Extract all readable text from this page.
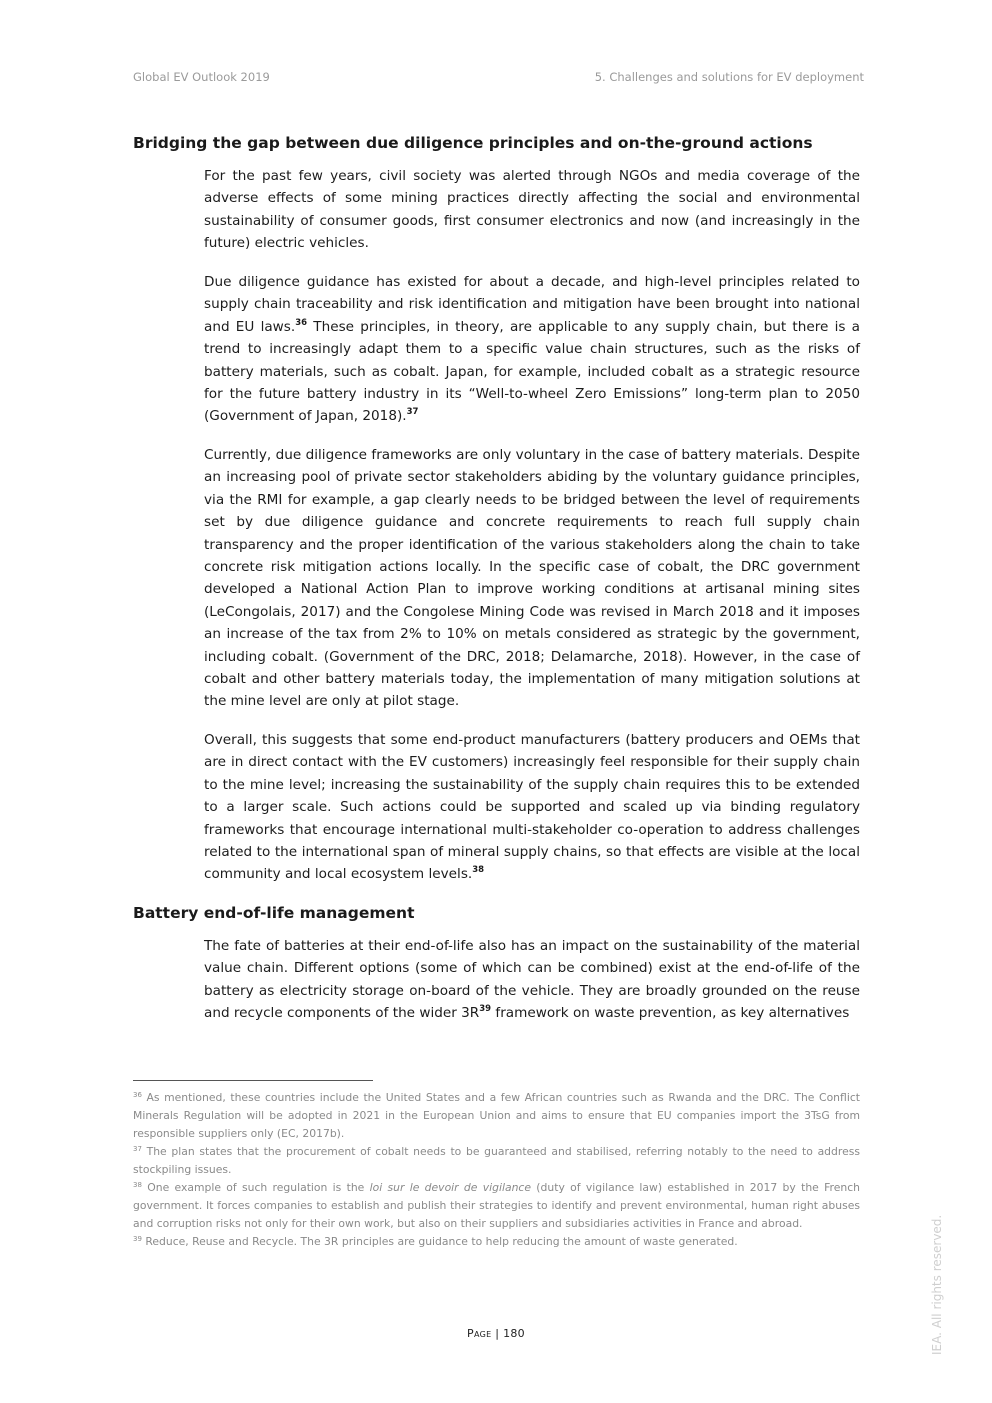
Global EV Outlook 2019	5. Challenges and solutions for EV deployment
Bridging the gap between due diligence principles and on-the-ground actions

For the past few years, civil society was alerted through NGOs and media coverage of the adverse effects of some mining practices directly affecting the social and environmental sustainability of consumer goods, first consumer electronics and now (and increasingly in the future) electric vehicles.

Due diligence guidance has existed for about a decade, and high-level principles related to supply chain traceability and risk identification and mitigation have been brought into national and EU laws.$^{36}$ These principles, in theory, are applicable to any supply chain, but there is a trend to increasingly adapt them to a specific value chain structures, such as the risks of battery materials, such as cobalt. Japan, for example, included cobalt as a strategic resource for the future battery industry in its “Well-to-wheel Zero Emissions” long-term plan to 2050 (Government of Japan, 2018).$^{37}$

Currently, due diligence frameworks are only voluntary in the case of battery materials. Despite an increasing pool of private sector stakeholders abiding by the voluntary guidance principles, via the RMI for example, a gap clearly needs to be bridged between the level of requirements set by due diligence guidance and concrete requirements to reach full supply chain transparency and the proper identification of the various stakeholders along the chain to take concrete risk mitigation actions locally. In the specific case of cobalt, the DRC government developed a National Action Plan to improve working conditions at artisanal mining sites (LeCongolais, 2017) and the Congolese Mining Code was revised in March 2018 and it imposes an increase of the tax from 2% to 10% on metals considered as strategic by the government, including cobalt. (Government of the DRC, 2018; Delamarche, 2018). However, in the case of cobalt and other battery materials today, the implementation of many mitigation solutions at the mine level are only at pilot stage.

Overall, this suggests that some end-product manufacturers (battery producers and OEMs that are in direct contact with the EV customers) increasingly feel responsible for their supply chain to the mine level; increasing the sustainability of the supply chain requires this to be extended to a larger scale. Such actions could be supported and scaled up via binding regulatory frameworks that encourage international multi-stakeholder co-operation to address challenges related to the international span of mineral supply chains, so that effects are visible at the local community and local ecosystem levels.$^{38}$

Battery end-of-life management

The fate of batteries at their end-of-life also has an impact on the sustainability of the material value chain. Different options (some of which can be combined) exist at the end-of-life of the battery as electricity storage on-board of the vehicle. They are broadly grounded on the reuse and recycle components of the wider 3R$^{39}$ framework on waste prevention, as key alternatives

$^{36}$ As mentioned, these countries include the United States and a few African countries such as Rwanda and the DRC. The Conflict Minerals Regulation will be adopted in 2021 in the European Union and aims to ensure that EU companies import the 3TsG from responsible suppliers only (EC, 2017b).

$^{37}$ The plan states that the procurement of cobalt needs to be guaranteed and stabilised, referring notably to the need to address stockpiling issues.

$^{38}$ One example of such regulation is the loi sur le devoir de vigilance (duty of vigilance law) established in 2017 by the French government. It forces companies to establish and publish their strategies to identify and prevent environmental, human right abuses and corruption risks not only for their own work, but also on their suppliers and subsidiaries activities in France and abroad.

$^{39}$ Reduce, Reuse and Recycle. The 3R principles are guidance to help reducing the amount of waste generated.

Page | 180	IEA. All rights reserved.
